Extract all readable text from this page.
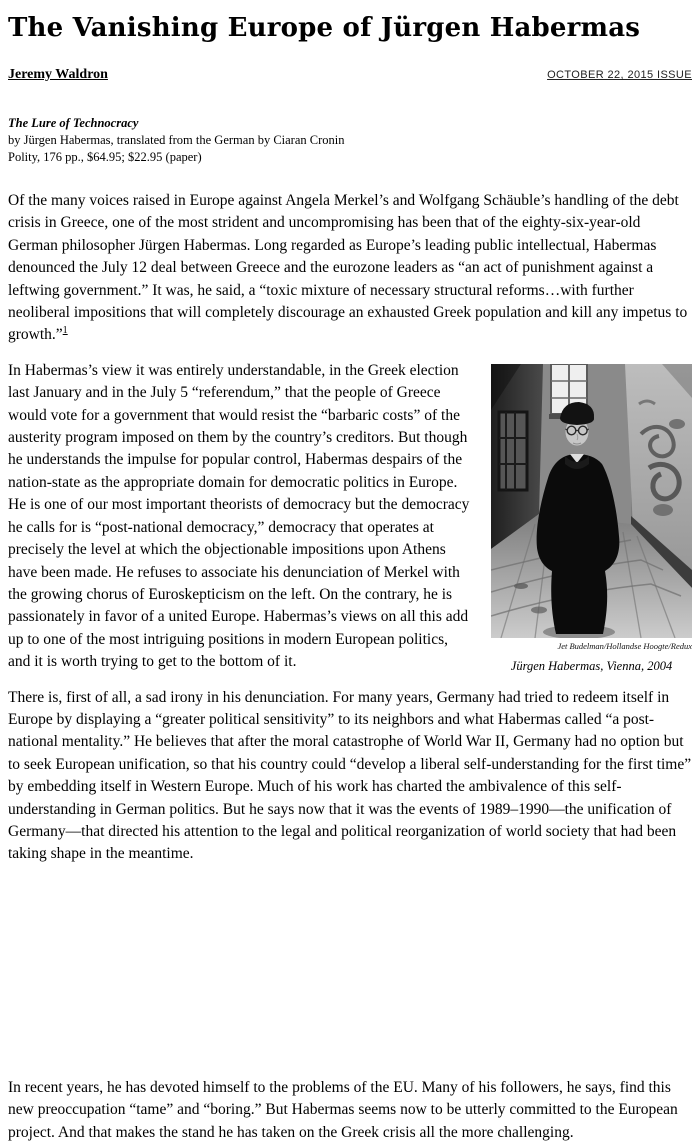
The Vanishing Europe of Jürgen Habermas
Jeremy Waldron	OCTOBER 22, 2015 ISSUE
The Lure of Technocracy
by Jürgen Habermas, translated from the German by Ciaran Cronin
Polity, 176 pp., $64.95; $22.95 (paper)

Of the many voices raised in Europe against Angela Merkel’s and Wolfgang Schäuble’s handling of the debt crisis in Greece, one of the most strident and uncompromising has been that of the eighty-six-year-old German philosopher Jürgen Habermas. Long regarded as Europe’s leading public intellectual, Habermas denounced the July 12 deal between Greece and the eurozone leaders as “an act of punishment against a leftwing government.” It was, he said, a “toxic mixture of necessary structural reforms…with further neoliberal impositions that will completely discourage an exhausted Greek population and kill any impetus to growth.”$^1$

Jet Budelman/Hollandse Hoogte/Redux
Jürgen Habermas, Vienna, 2004

In Habermas’s view it was entirely understandable, in the Greek election last January and in the July 5 “referendum,” that the people of Greece would vote for a government that would resist the “barbaric costs” of the austerity program imposed on them by the country’s creditors. But though he understands the impulse for popular control, Habermas despairs of the nation-state as the appropriate domain for democratic politics in Europe. He is one of our most important theorists of democracy but the democracy he calls for is “post-national democracy,” democracy that operates at precisely the level at which the objectionable impositions upon Athens have been made. He refuses to associate his denunciation of Merkel with the growing chorus of Euroskepticism on the left. On the contrary, he is passionately in favor of a united Europe. Habermas’s views on all this add up to one of the most intriguing positions in modern European politics, and it is worth trying to get to the bottom of it.

There is, first of all, a sad irony in his denunciation. For many years, Germany had tried to redeem itself in Europe by displaying a “greater political sensitivity” to its neighbors and what Habermas called “a post-national mentality.” He believes that after the moral catastrophe of World War II, Germany had no option but to seek European unification, so that his country could “develop a liberal self-understanding for the first time” by embedding itself in Western Europe. Much of his work has charted the ambivalence of this self-understanding in German politics. But he says now that it was the events of 1989–1990—the unification of Germany—that directed his attention to the legal and political reorganization of world society that had been taking shape in the meantime.

In recent years, he has devoted himself to the problems of the EU. Many of his followers, he says, find this new preoccupation “tame” and “boring.” But Habermas seems now to be utterly committed to the European project. And that makes the stand he has taken on the Greek crisis all the more challenging.
